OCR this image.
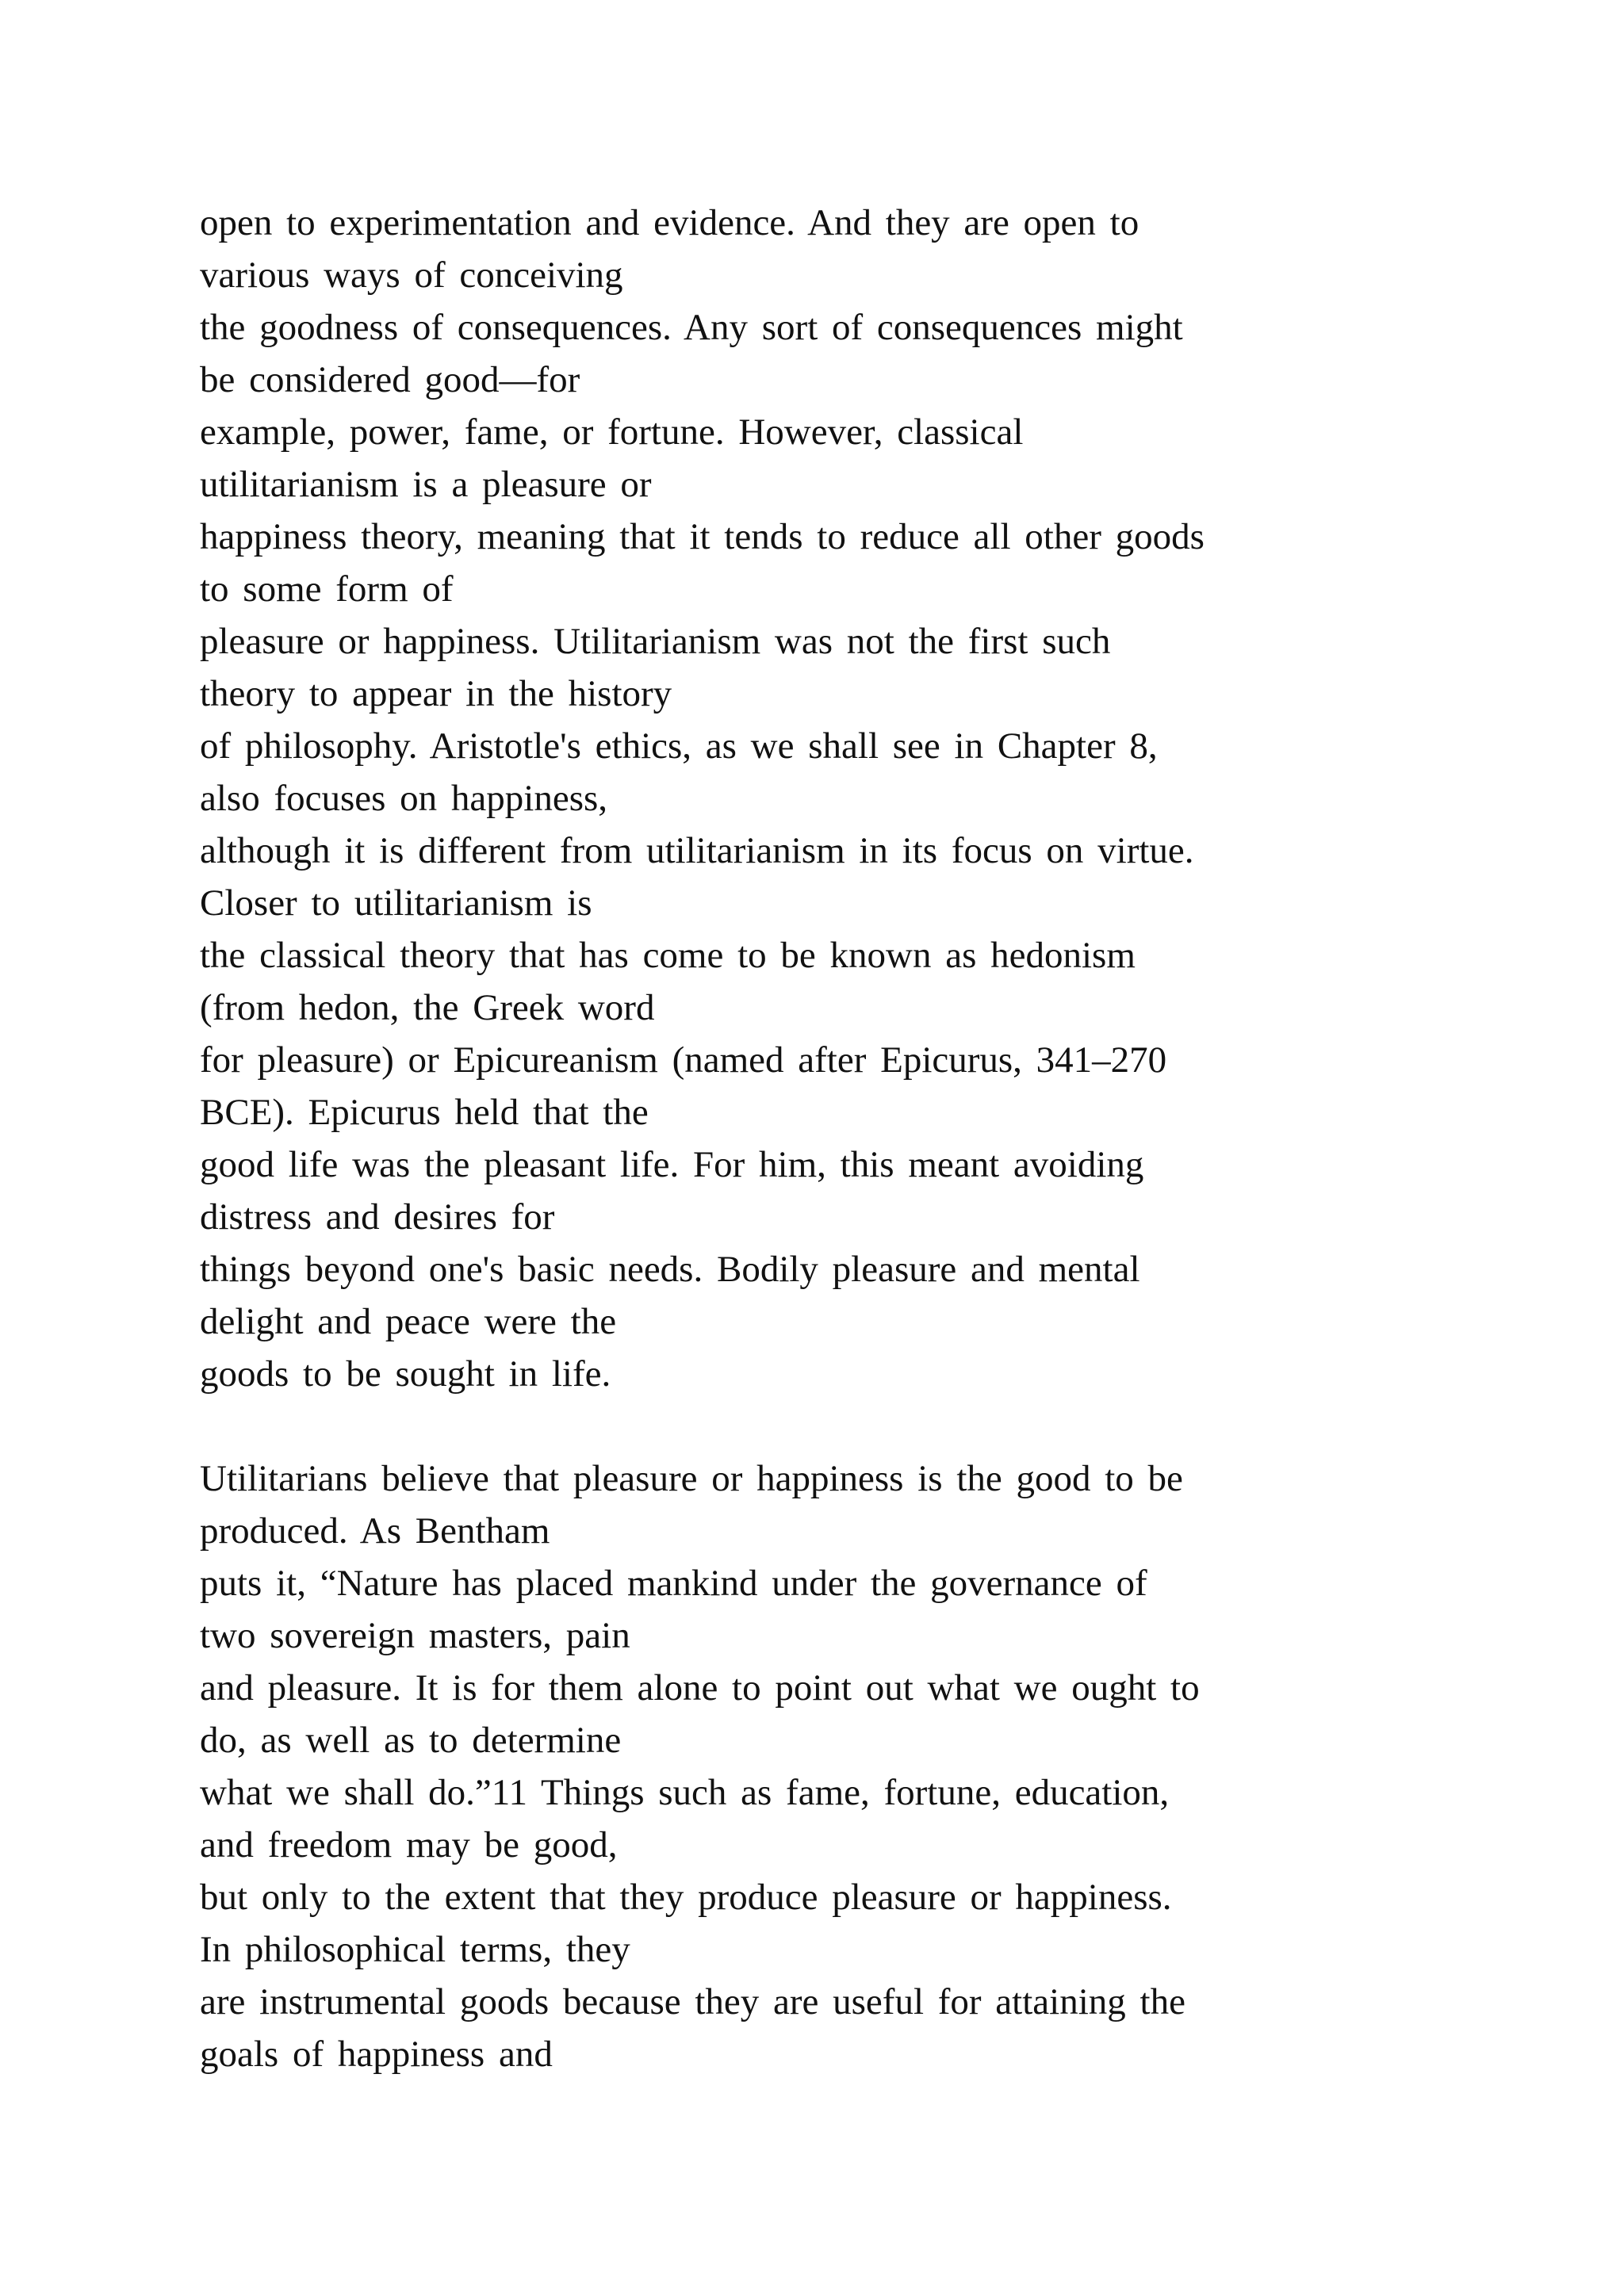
open to experimentation and evidence. And they are open to
various ways of conceiving
the goodness of consequences. Any sort of consequences might
be considered good—for
example, power, fame, or fortune. However, classical
utilitarianism is a pleasure or
happiness theory, meaning that it tends to reduce all other goods
to some form of
pleasure or happiness. Utilitarianism was not the first such
theory to appear in the history
of philosophy. Aristotle's ethics, as we shall see in Chapter 8,
also focuses on happiness,
although it is different from utilitarianism in its focus on virtue.
Closer to utilitarianism is
the classical theory that has come to be known as hedonism
(from hedon, the Greek word
for pleasure) or Epicureanism (named after Epicurus, 341–270
BCE). Epicurus held that the
good life was the pleasant life. For him, this meant avoiding
distress and desires for
things beyond one's basic needs. Bodily pleasure and mental
delight and peace were the
goods to be sought in life.
Utilitarians believe that pleasure or happiness is the good to be
produced. As Bentham
puts it, “Nature has placed mankind under the governance of
two sovereign masters, pain
and pleasure. It is for them alone to point out what we ought to
do, as well as to determine
what we shall do.”11 Things such as fame, fortune, education,
and freedom may be good,
but only to the extent that they produce pleasure or happiness.
In philosophical terms, they
are instrumental goods because they are useful for attaining the
goals of happiness and
